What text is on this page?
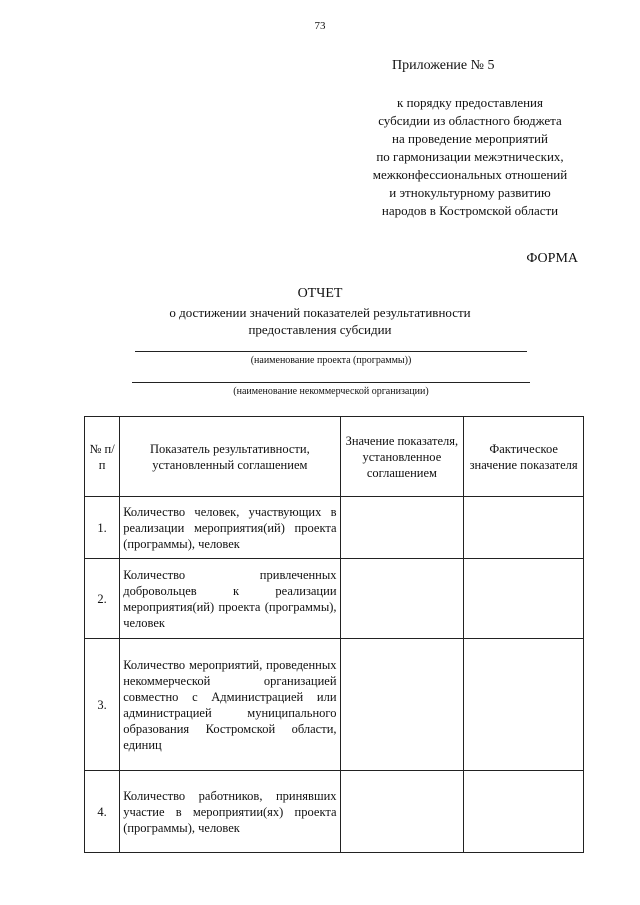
73
Приложение № 5
к порядку предоставления
субсидии из областного бюджета
на проведение мероприятий
по гармонизации межэтнических,
межконфессиональных отношений
и этнокультурному развитию
народов в Костромской области
ФОРМА
ОТЧЕТ
о достижении значений показателей результативности
предоставления субсидии
(наименование проекта (программы))
(наименование некоммерческой организации)
№ п/п	Показатель результативности, установленный соглашением	Значение показателя, установленное соглашением	Фактическое значение показателя
1.	Количество человек, участвующих в реализации мероприятия(ий) проекта (программы), человек		
2.	Количество привлеченных добровольцев к реализации мероприятия(ий) проекта (программы), человек		
3.	Количество мероприятий, проведенных некоммерческой организацией совместно с Администрацией или администрацией муниципального образования Костромской области, единиц		
4.	Количество работников, принявших участие в мероприятии(ях) проекта (программы), человек		
